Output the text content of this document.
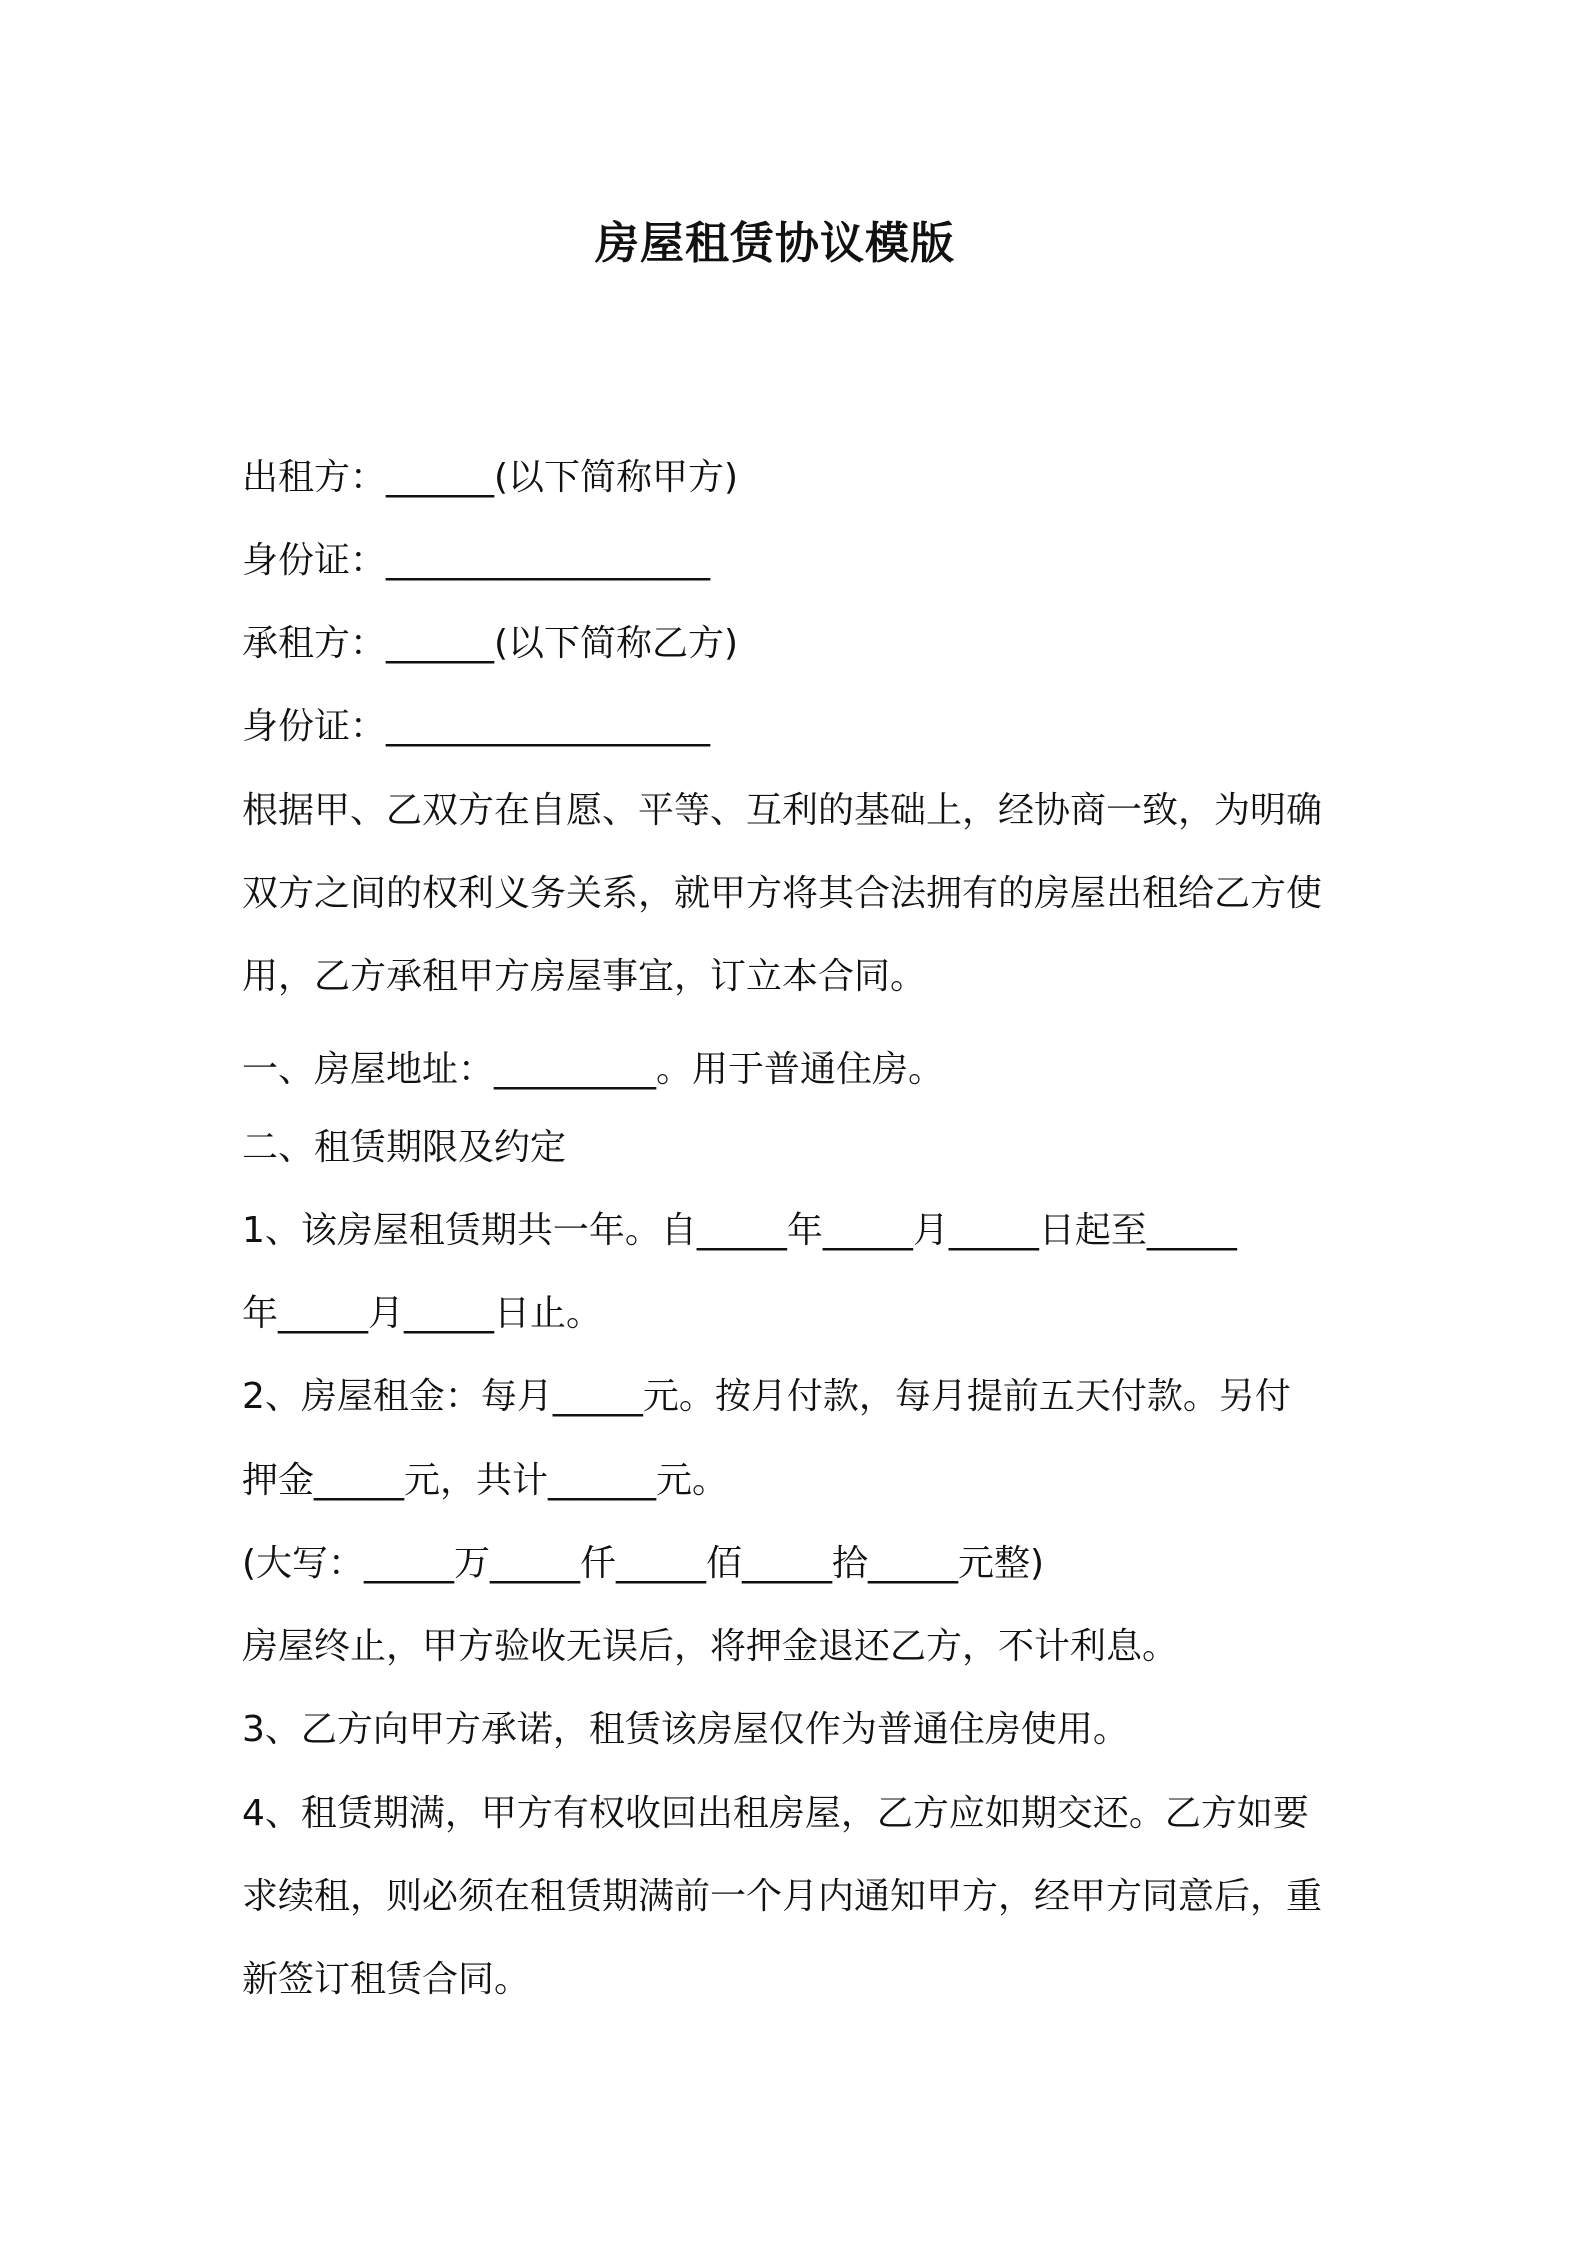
房屋租赁协议模版
出租方：______(以下简称甲方)
身份证：__________________
承租方：______(以下简称乙方)
身份证：__________________
根据甲、乙双方在自愿、平等、互利的基础上，经协商一致，为明确
双方之间的权利义务关系，就甲方将其合法拥有的房屋出租给乙方使
用，乙方承租甲方房屋事宜，订立本合同。
一、房屋地址：_________。用于普通住房。
二、租赁期限及约定
1、该房屋租赁期共一年。自_____年_____月_____日起至_____
年_____月_____日止。
2、房屋租金：每月_____元。按月付款，每月提前五天付款。另付
押金_____元，共计______元。
(大写：_____万_____仟_____佰_____拾_____元整)
房屋终止，甲方验收无误后，将押金退还乙方，不计利息。
3、乙方向甲方承诺，租赁该房屋仅作为普通住房使用。
4、租赁期满，甲方有权收回出租房屋，乙方应如期交还。乙方如要
求续租，则必须在租赁期满前一个月内通知甲方，经甲方同意后，重
新签订租赁合同。
